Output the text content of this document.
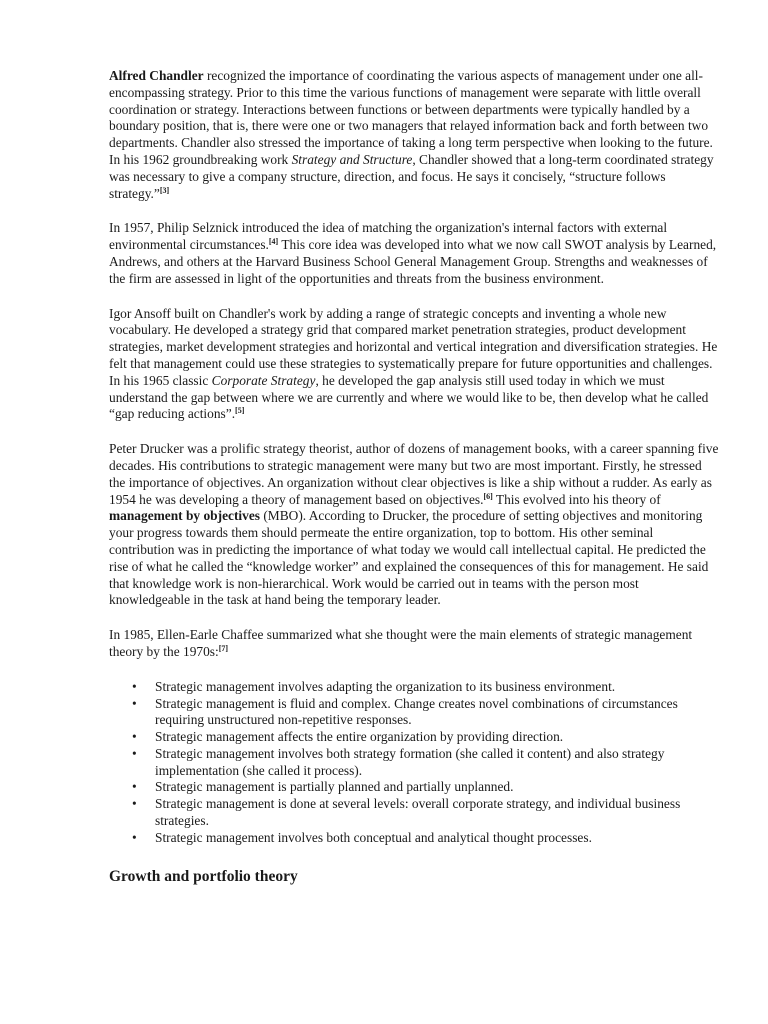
Alfred Chandler recognized the importance of coordinating the various aspects of management under one all-encompassing strategy. Prior to this time the various functions of management were separate with little overall coordination or strategy. Interactions between functions or between departments were typically handled by a boundary position, that is, there were one or two managers that relayed information back and forth between two departments. Chandler also stressed the importance of taking a long term perspective when looking to the future. In his 1962 groundbreaking work Strategy and Structure, Chandler showed that a long-term coordinated strategy was necessary to give a company structure, direction, and focus. He says it concisely, “structure follows strategy.”[3]

In 1957, Philip Selznick introduced the idea of matching the organization's internal factors with external environmental circumstances.[4] This core idea was developed into what we now call SWOT analysis by Learned, Andrews, and others at the Harvard Business School General Management Group. Strengths and weaknesses of the firm are assessed in light of the opportunities and threats from the business environment.

Igor Ansoff built on Chandler's work by adding a range of strategic concepts and inventing a whole new vocabulary. He developed a strategy grid that compared market penetration strategies, product development strategies, market development strategies and horizontal and vertical integration and diversification strategies. He felt that management could use these strategies to systematically prepare for future opportunities and challenges. In his 1965 classic Corporate Strategy, he developed the gap analysis still used today in which we must understand the gap between where we are currently and where we would like to be, then develop what he called “gap reducing actions”.[5]

Peter Drucker was a prolific strategy theorist, author of dozens of management books, with a career spanning five decades. His contributions to strategic management were many but two are most important. Firstly, he stressed the importance of objectives. An organization without clear objectives is like a ship without a rudder. As early as 1954 he was developing a theory of management based on objectives.[6] This evolved into his theory of management by objectives (MBO). According to Drucker, the procedure of setting objectives and monitoring your progress towards them should permeate the entire organization, top to bottom. His other seminal contribution was in predicting the importance of what today we would call intellectual capital. He predicted the rise of what he called the “knowledge worker” and explained the consequences of this for management. He said that knowledge work is non-hierarchical. Work would be carried out in teams with the person most knowledgeable in the task at hand being the temporary leader.

In 1985, Ellen-Earle Chaffee summarized what she thought were the main elements of strategic management theory by the 1970s:[7]

• Strategic management involves adapting the organization to its business environment.
• Strategic management is fluid and complex. Change creates novel combinations of circumstances requiring unstructured non-repetitive responses.
• Strategic management affects the entire organization by providing direction.
• Strategic management involves both strategy formation (she called it content) and also strategy implementation (she called it process).
• Strategic management is partially planned and partially unplanned.
• Strategic management is done at several levels: overall corporate strategy, and individual business strategies.
• Strategic management involves both conceptual and analytical thought processes.
Growth and portfolio theory
